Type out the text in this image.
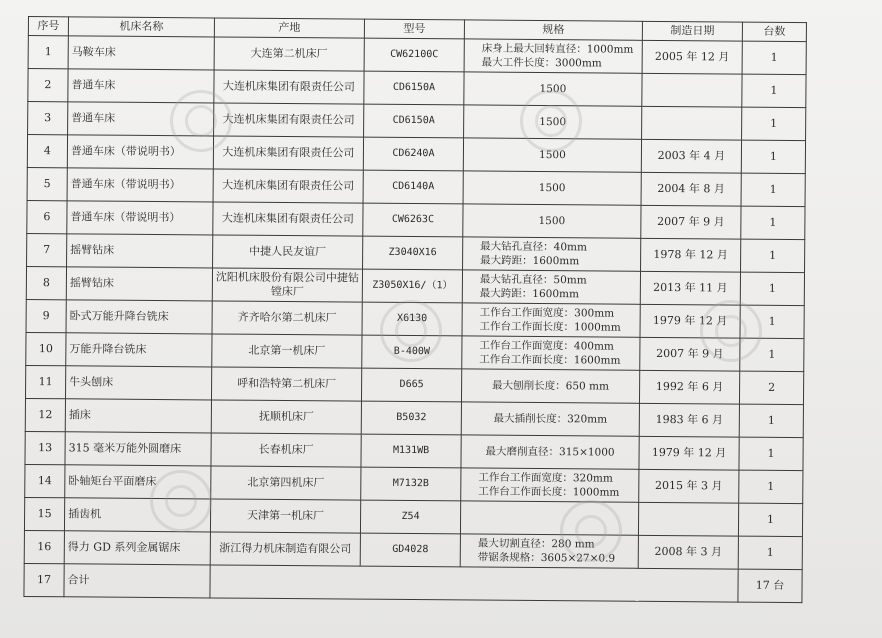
序号	机床名称	产地	型号	规格	制造日期	台数
1	马鞍车床	大连第二机床厂	CW62100C	床身上最大回转直径：1000mm
最大工件长度：3000mm	2005 年 12 月	1
2	普通车床	大连机床集团有限责任公司	CD6150A	1500		1
3	普通车床	大连机床集团有限责任公司	CD6150A	1500		1
4	普通车床（带说明书）	大连机床集团有限责任公司	CD6240A	1500	2003 年 4 月	1
5	普通车床（带说明书）	大连机床集团有限责任公司	CD6140A	1500	2004 年 8 月	1
6	普通车床（带说明书）	大连机床集团有限责任公司	CW6263C	1500	2007 年 9 月	1
7	摇臂钻床	中捷人民友谊厂	Z3040X16	最大钻孔直径：40mm
最大跨距：1600mm	1978 年 12 月	1
8	摇臂钻床	沈阳机床股份有限公司中捷钻镗床厂	Z3050X16/（1）	最大钻孔直径：50mm
最大跨距：1600mm	2013 年 11 月	1
9	卧式万能升降台铣床	齐齐哈尔第二机床厂	X6130	工作台工作面宽度：300mm
工作台工作面长度：1000mm	1979 年 12 月	1
10	万能升降台铣床	北京第一机床厂	B-400W	工作台工作面宽度：400mm
工作台工作面长度：1600mm	2007 年 9 月	1
11	牛头刨床	呼和浩特第二机床厂	D665	最大刨削长度：650 mm	1992 年 6 月	2
12	插床	抚顺机床厂	B5032	最大插削长度：320mm	1983 年 6 月	1
13	315 毫米万能外圆磨床	长春机床厂	M131WB	最大磨削直径：315×1000	1979 年 12 月	1
14	卧轴矩台平面磨床	北京第四机床厂	M7132B	工作台工作面宽度：320mm
工作台工作面长度：1000mm	2015 年 3 月	1
15	插齿机	天津第一机床厂	Z54			1
16	得力 GD 系列金属锯床	浙江得力机床制造有限公司	GD4028	最大切割直径：280 mm
带锯条规格：3605×27×0.9	2008 年 3 月	1
17	合计					17 台
